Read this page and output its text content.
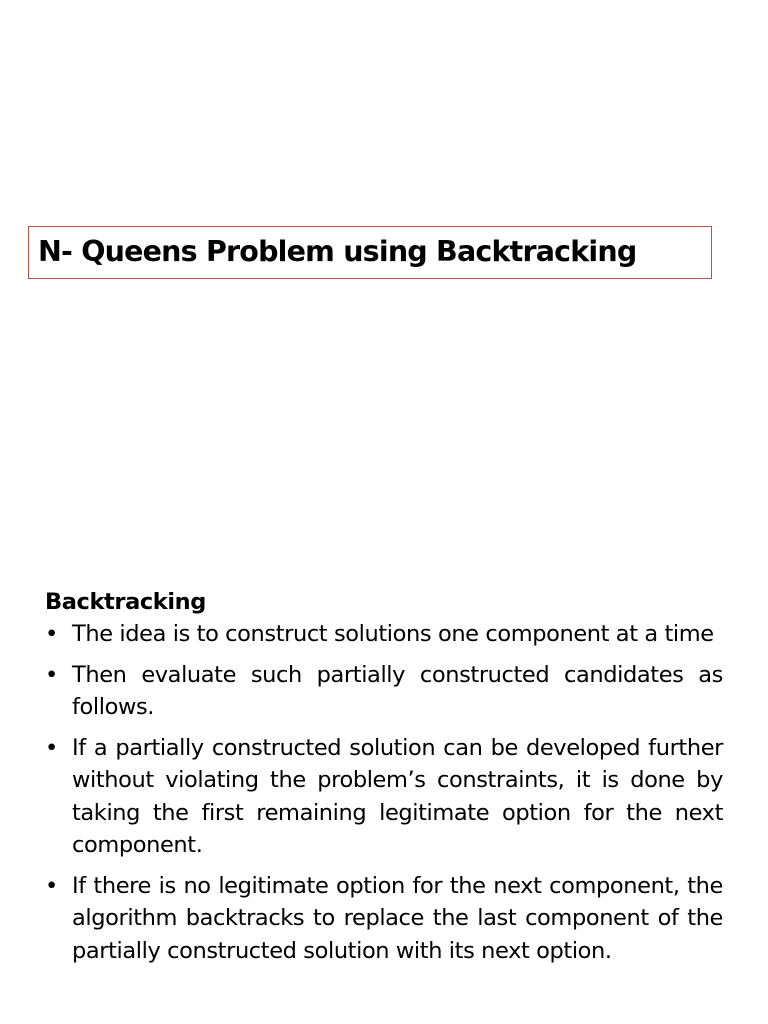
N- Queens Problem using Backtracking
Backtracking
• The idea is to construct solutions one component at a time
• Then evaluate such partially constructed candidates as follows.
• If a partially constructed solution can be developed further without violating the problem’s constraints, it is done by taking the first remaining legitimate option for the next component.
• If there is no legitimate option for the next component, the algorithm backtracks to replace the last component of the partially constructed solution with its next option.
